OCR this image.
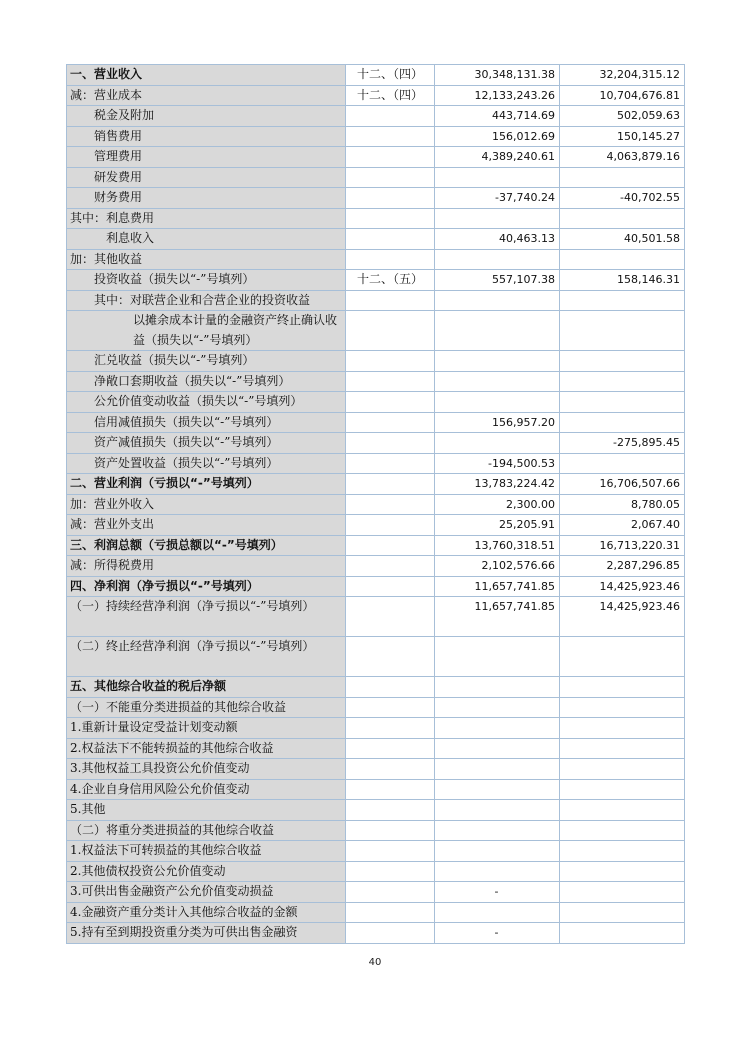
一、营业收入	十二、（四）	30,348,131.38	32,204,315.12
减：营业成本	十二、（四）	12,133,243.26	10,704,676.81
税金及附加		443,714.69	502,059.63
销售费用		156,012.69	150,145.27
管理费用		4,389,240.61	4,063,879.16
研发费用			
财务费用		-37,740.24	-40,702.55
其中：利息费用			
利息收入		40,463.13	40,501.58
加：其他收益			
投资收益（损失以“-”号填列）	十二、（五）	557,107.38	158,146.31
其中：对联营企业和合营企业的投资收益			
以摊余成本计量的金融资产终止确认收益（损失以“-”号填列）			
汇兑收益（损失以“-”号填列）			
净敞口套期收益（损失以“-”号填列）			
公允价值变动收益（损失以“-”号填列）			
信用减值损失（损失以“-”号填列）		156,957.20	
资产减值损失（损失以“-”号填列）			-275,895.45
资产处置收益（损失以“-”号填列）		-194,500.53	
二、营业利润（亏损以“-”号填列）		13,783,224.42	16,706,507.66
加：营业外收入		2,300.00	8,780.05
减：营业外支出		25,205.91	2,067.40
三、利润总额（亏损总额以“-”号填列）		13,760,318.51	16,713,220.31
减：所得税费用		2,102,576.66	2,287,296.85
四、净利润（净亏损以“-”号填列）		11,657,741.85	14,425,923.46
（一）持续经营净利润（净亏损以“-”号填列）		11,657,741.85	14,425,923.46
（二）终止经营净利润（净亏损以“-”号填列）			
五、其他综合收益的税后净额			
（一）不能重分类进损益的其他综合收益			
1.重新计量设定受益计划变动额			
2.权益法下不能转损益的其他综合收益			
3.其他权益工具投资公允价值变动			
4.企业自身信用风险公允价值变动			
5.其他			
（二）将重分类进损益的其他综合收益			
1.权益法下可转损益的其他综合收益			
2.其他债权投资公允价值变动			
3.可供出售金融资产公允价值变动损益		-	
4.金融资产重分类计入其他综合收益的金额			
5.持有至到期投资重分类为可供出售金融资		-	
40
